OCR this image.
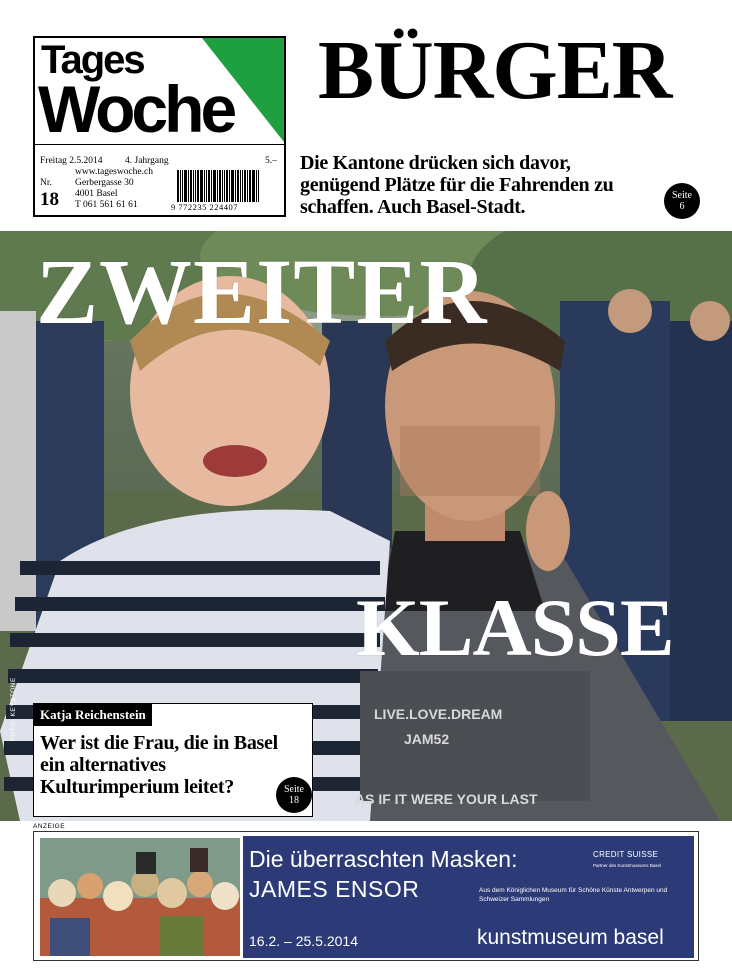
Tages
Woche
Freitag 2.5.2014 4. Jahrgang	5.–
www.tageswoche.ch
Nr.
18
Gerbergasse 30
4001 Basel
T 061 561 61 61	9 772235 224407
BÜRGER
Die Kantone drücken sich davor, genügend Plätze für die Fahrenden zu schaffen. Auch Basel-Stadt.
Seite
6
ZWEITER
KLASSE
LIVE.LOVE.DREAM
JAM52
AS IF IT WERE YOUR LAST
FOTO: KEYSTONE	Katja Reichenstein
Wer ist die Frau, die in Basel ein alternatives Kulturimperium leitet?	Seite
18
ANZEIGE
Die überraschten Masken:
JAMES ENSOR
CREDIT SUISSE
Partner des Kunstmuseums Basel
Aus dem Königlichen Museum für Schöne Künste Antwerpen und Schweizer Sammlungen
16.2. – 25.5.2014	kunstmuseum basel
